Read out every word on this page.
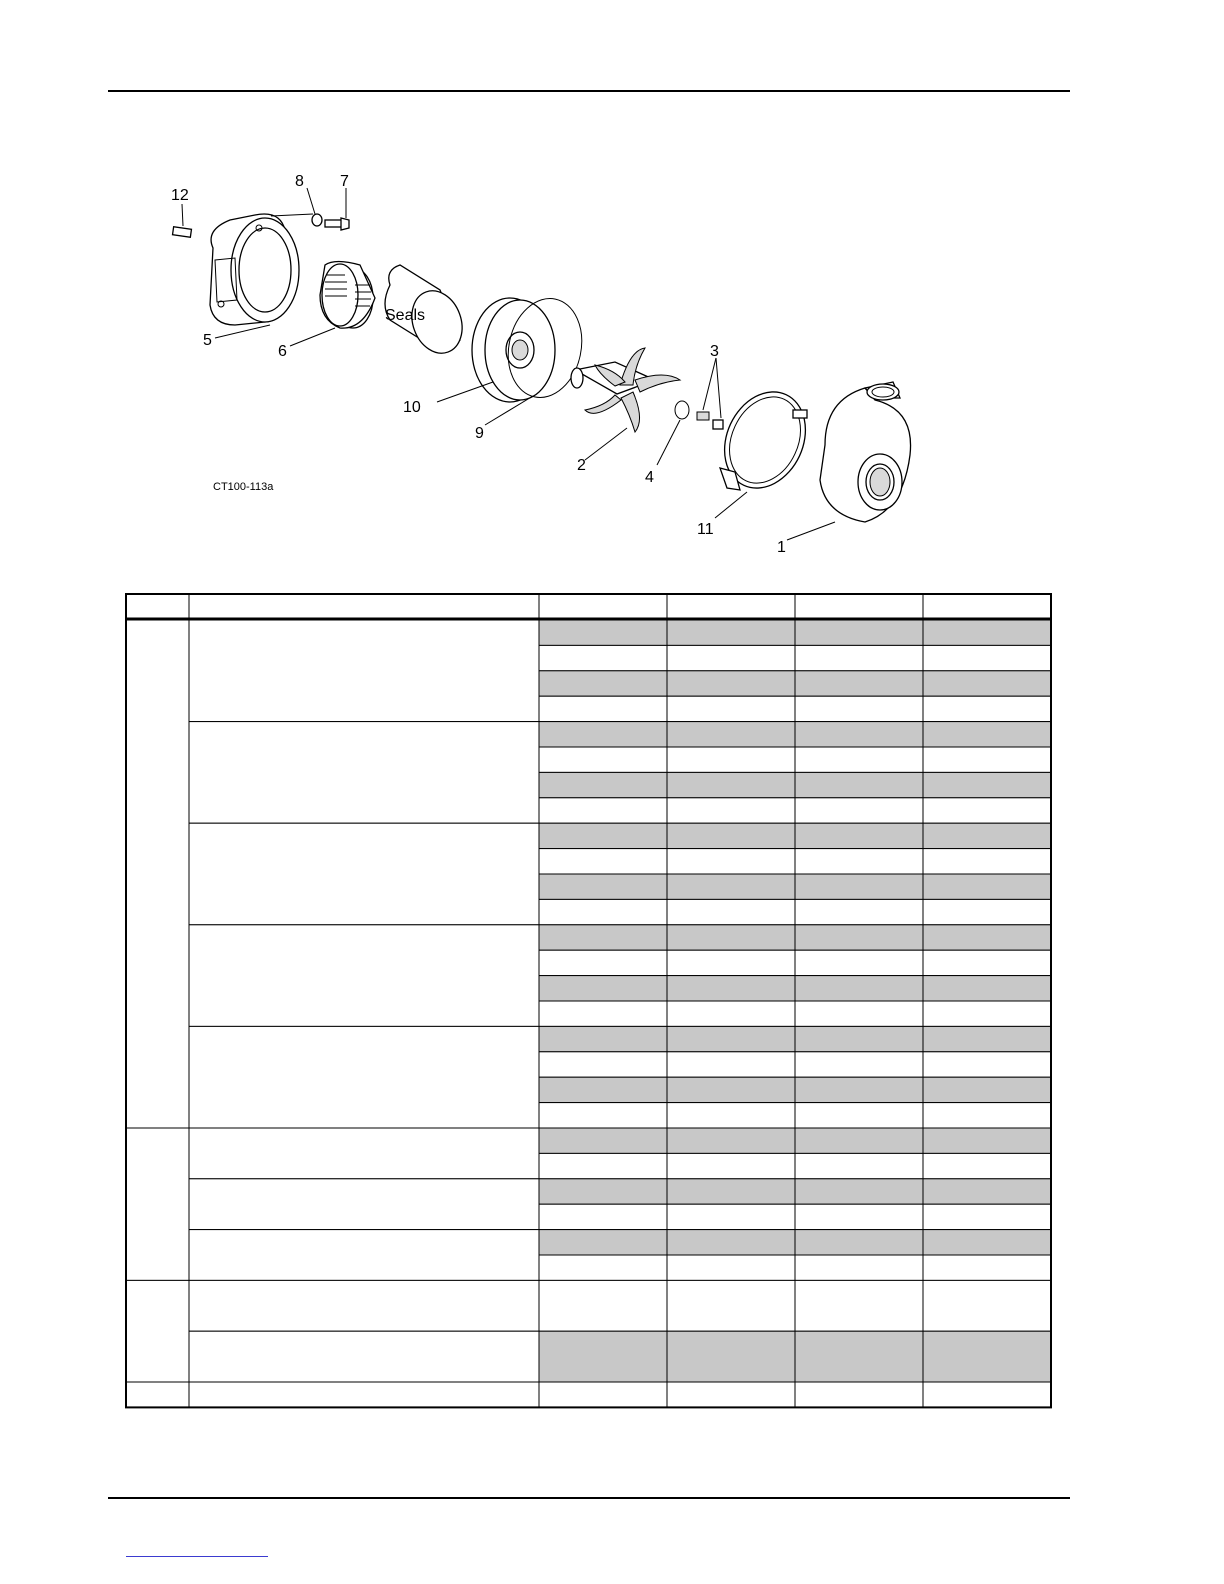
12
5
8 7
6
Seals
10
9
2
4
3
11
1
CT100-113a
